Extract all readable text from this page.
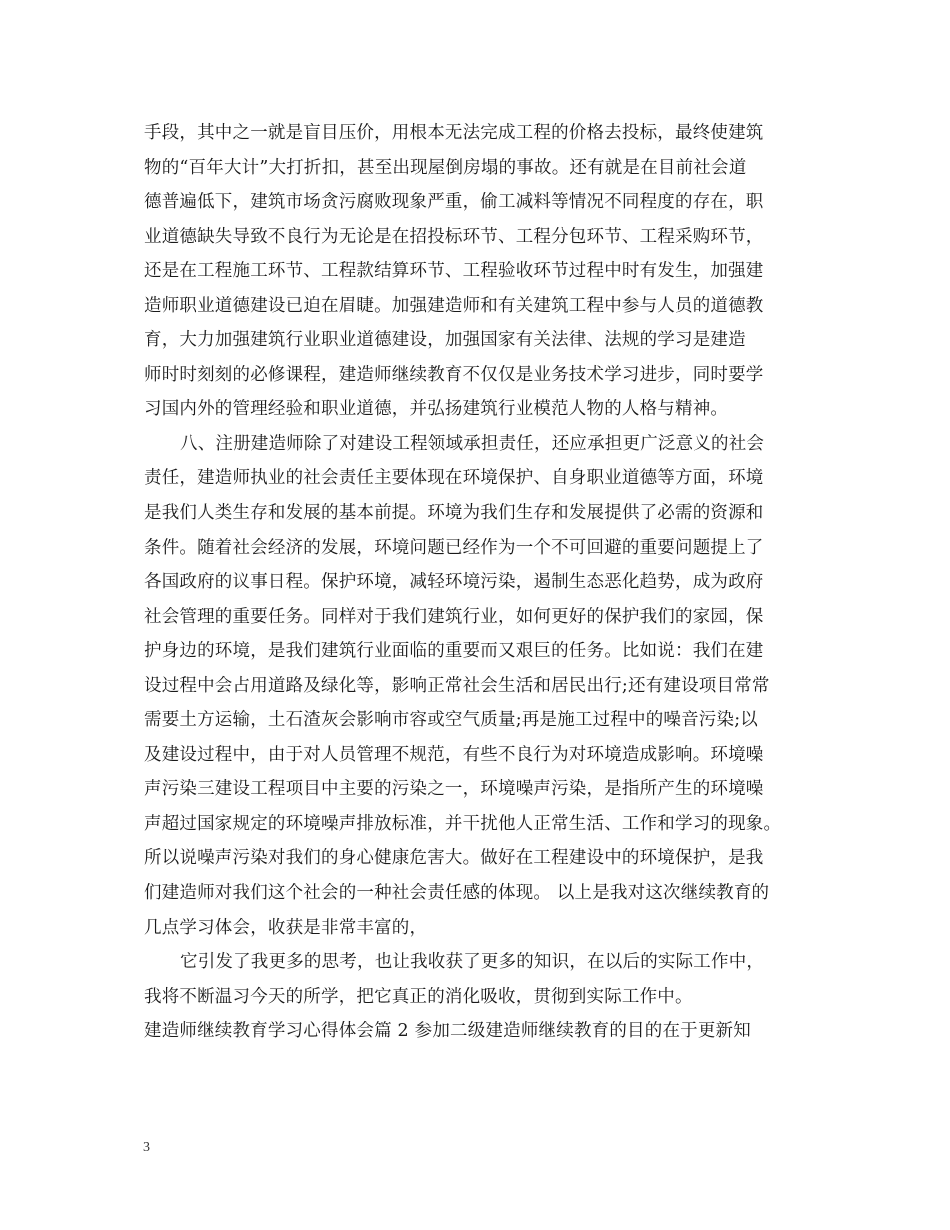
手段，其中之一就是盲目压价，用根本无法完成工程的价格去投标，最终使建筑
物的“百年大计”大打折扣，甚至出现屋倒房塌的事故。还有就是在目前社会道
德普遍低下，建筑市场贪污腐败现象严重，偷工减料等情况不同程度的存在，职
业道德缺失导致不良行为无论是在招投标环节、工程分包环节、工程采购环节，
还是在工程施工环节、工程款结算环节、工程验收环节过程中时有发生，加强建
造师职业道德建设已迫在眉睫。加强建造师和有关建筑工程中参与人员的道德教
育，大力加强建筑行业职业道德建设，加强国家有关法律、法规的学习是建造
师时时刻刻的必修课程，建造师继续教育不仅仅是业务技术学习进步，同时要学
习国内外的管理经验和职业道德，并弘扬建筑行业模范人物的人格与精神。
八、注册建造师除了对建设工程领域承担责任，还应承担更广泛意义的社会
责任，建造师执业的社会责任主要体现在环境保护、自身职业道德等方面，环境
是我们人类生存和发展的基本前提。环境为我们生存和发展提供了必需的资源和
条件。随着社会经济的发展，环境问题已经作为一个不可回避的重要问题提上了
各国政府的议事日程。保护环境，减轻环境污染，遏制生态恶化趋势，成为政府
社会管理的重要任务。同样对于我们建筑行业，如何更好的保护我们的家园，保
护身边的环境，是我们建筑行业面临的重要而又艰巨的任务。比如说：我们在建
设过程中会占用道路及绿化等，影响正常社会生活和居民出行;还有建设项目常常
需要土方运输，土石渣灰会影响市容或空气质量;再是施工过程中的噪音污染;以
及建设过程中，由于对人员管理不规范，有些不良行为对环境造成影响。环境噪
声污染三建设工程项目中主要的污染之一，环境噪声污染，是指所产生的环境噪
声超过国家规定的环境噪声排放标准，并干扰他人正常生活、工作和学习的现象。
所以说噪声污染对我们的身心健康危害大。做好在工程建设中的环境保护，是我
们建造师对我们这个社会的一种社会责任感的体现。 以上是我对这次继续教育的
几点学习体会，收获是非常丰富的，
它引发了我更多的思考，也让我收获了更多的知识，在以后的实际工作中，
我将不断温习今天的所学，把它真正的消化吸收，贯彻到实际工作中。
建造师继续教育学习心得体会篇 2 参加二级建造师继续教育的目的在于更新知
3
